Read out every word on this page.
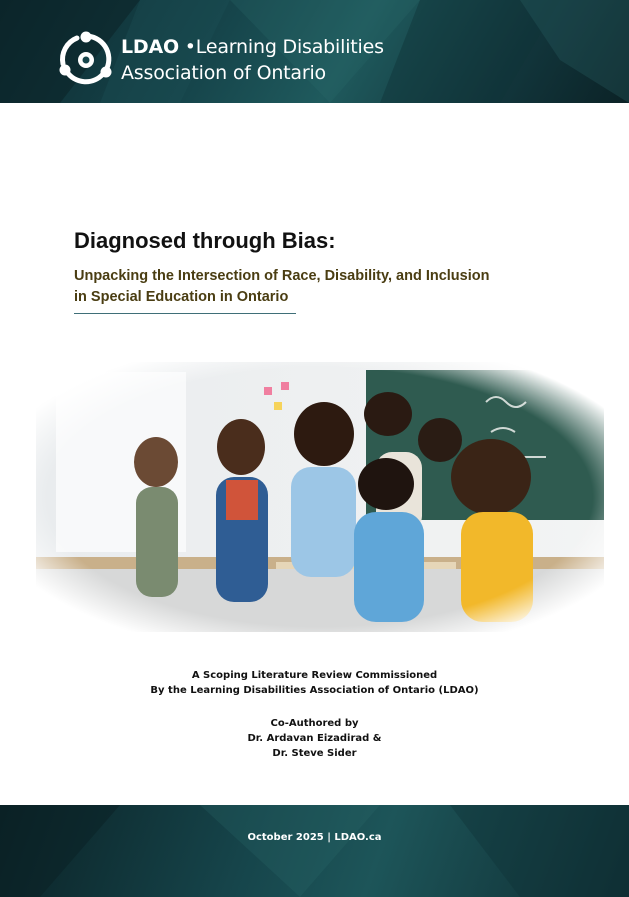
LDAO •Learning Disabilities
Association of Ontario
Diagnosed through Bias:
Unpacking the Intersection of Race, Disability, and Inclusion
in Special Education in Ontario
A Scoping Literature Review Commissioned
By the Learning Disabilities Association of Ontario (LDAO)
Co-Authored by
Dr. Ardavan Eizadirad &
Dr. Steve Sider
October 2025 | LDAO.ca
